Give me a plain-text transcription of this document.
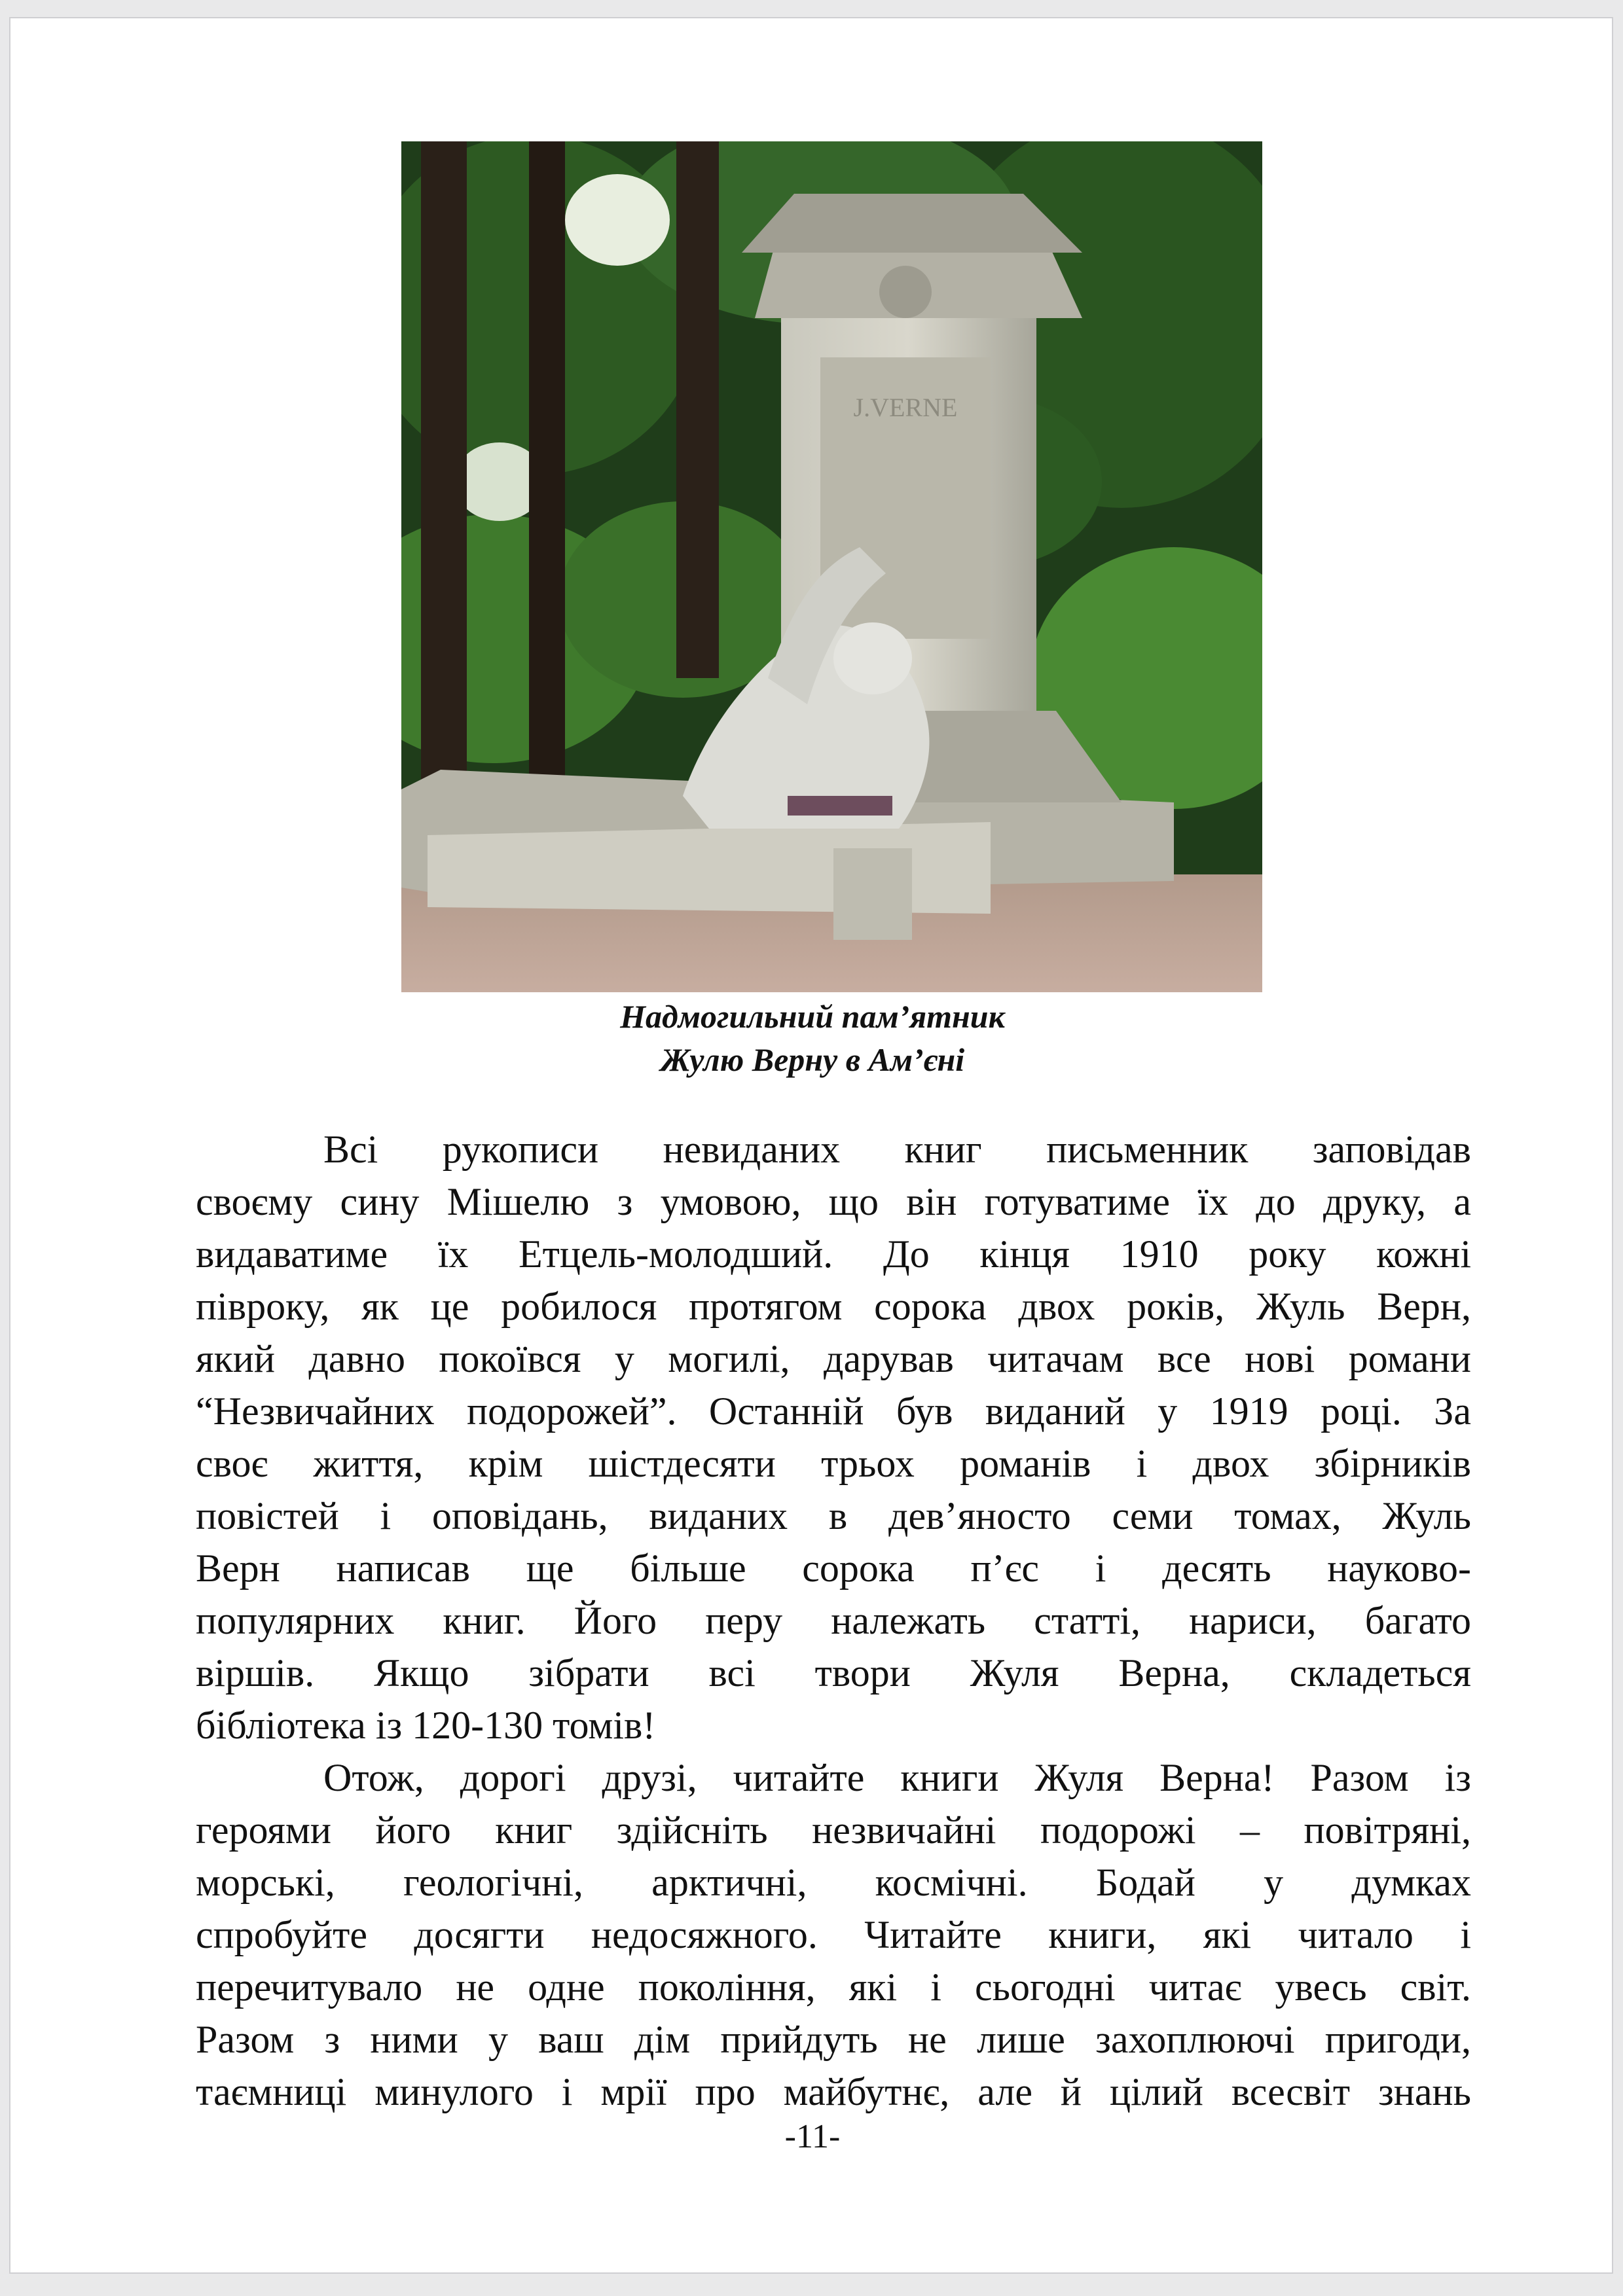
J.VERNE
Надмогильний пам’ятник
Жулю Верну в Ам’єні
Всі рукописи невиданих книг письменник заповідав
своєму сину Мішелю з умовою, що він готуватиме їх до друку, а
видаватиме їх Етцель-молодший. До кінця 1910 року кожні
півроку, як це робилося протягом сорока двох років, Жуль Верн,
який давно покоївся у могилі, дарував читачам все нові романи
“Незвичайних подорожей”. Останній був виданий у 1919 році. За
своє життя, крім шістдесяти трьох романів і двох збірників
повістей і оповідань, виданих в дев’яносто семи томах, Жуль
Верн написав ще більше сорока п’єс і десять науково-
популярних книг. Його перу належать статті, нариси, багато
віршів. Якщо зібрати всі твори Жуля Верна, складеться
бібліотека із 120-130 томів!
Отож, дорогі друзі, читайте книги Жуля Верна! Разом із
героями його книг здійсніть незвичайні подорожі – повітряні,
морські, геологічні, арктичні, космічні. Бодай у думках
спробуйте досягти недосяжного. Читайте книги, які читало і
перечитувало не одне покоління, які і сьогодні читає увесь світ.
Разом з ними у ваш дім прийдуть не лише захоплюючі пригоди,
таємниці минулого і мрії про майбутнє, але й цілий всесвіт знань
-11-
